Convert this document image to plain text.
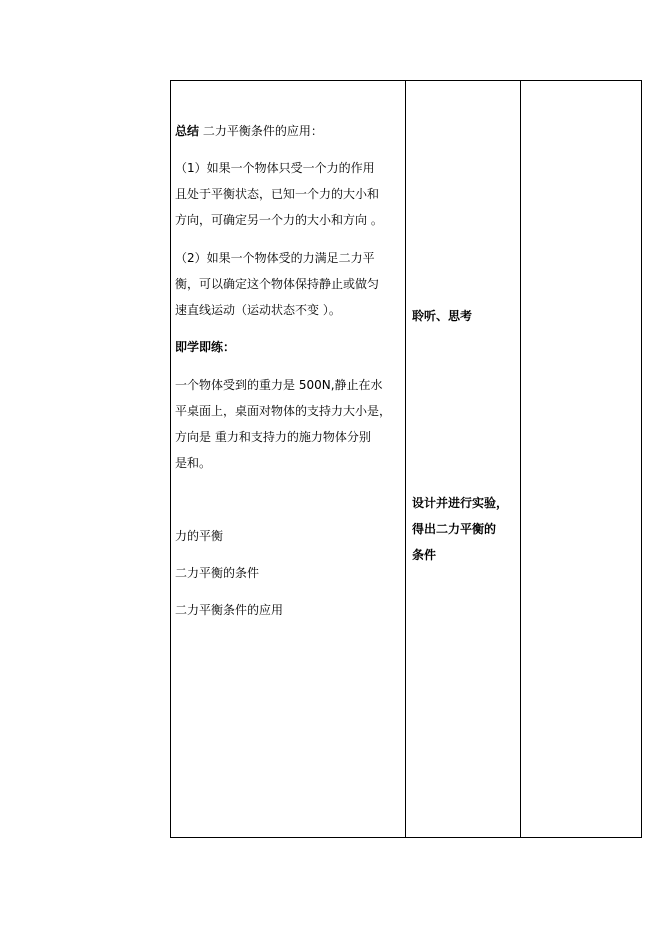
总结 二力平衡条件的应用：

（1）如果一个物体只受一个力的作用

且处于平衡状态，已知一个力的大小和

方向，可确定另一个力的大小和方向 。

（2）如果一个物体受的力满足二力平

衡，可以确定这个物体保持静止或做匀

速直线运动（运动状态不变 ）。

即学即练：

一个物体受到的重力是 500N,静止在水

平桌面上，桌面对物体的支持力大小是，

方向是 重力和支持力的施力物体分别

是和。

力的平衡

二力平衡的条件

二力平衡条件的应用

聆听、思考
设计并进行实验，
得出二力平衡的
条件
